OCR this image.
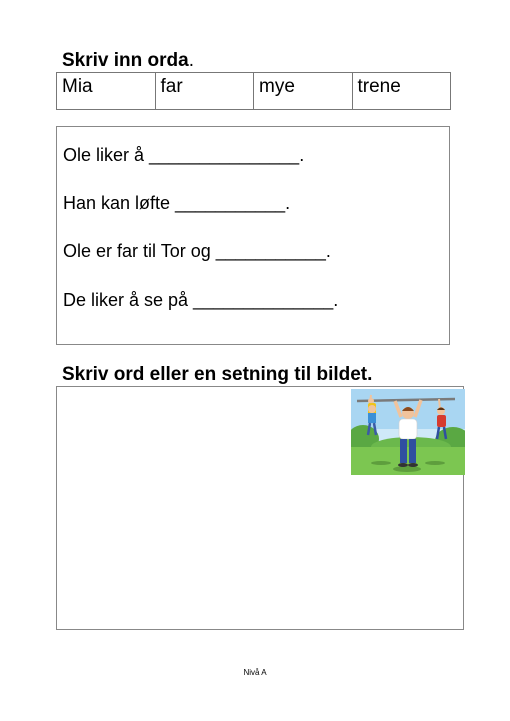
Skriv inn orda.
Mia	far	mye	trene
Ole liker å _______________.
Han kan løfte ___________.
Ole er far til Tor og ___________.
De liker å se på ______________.
Skriv ord eller en setning til bildet.
Nivå A
